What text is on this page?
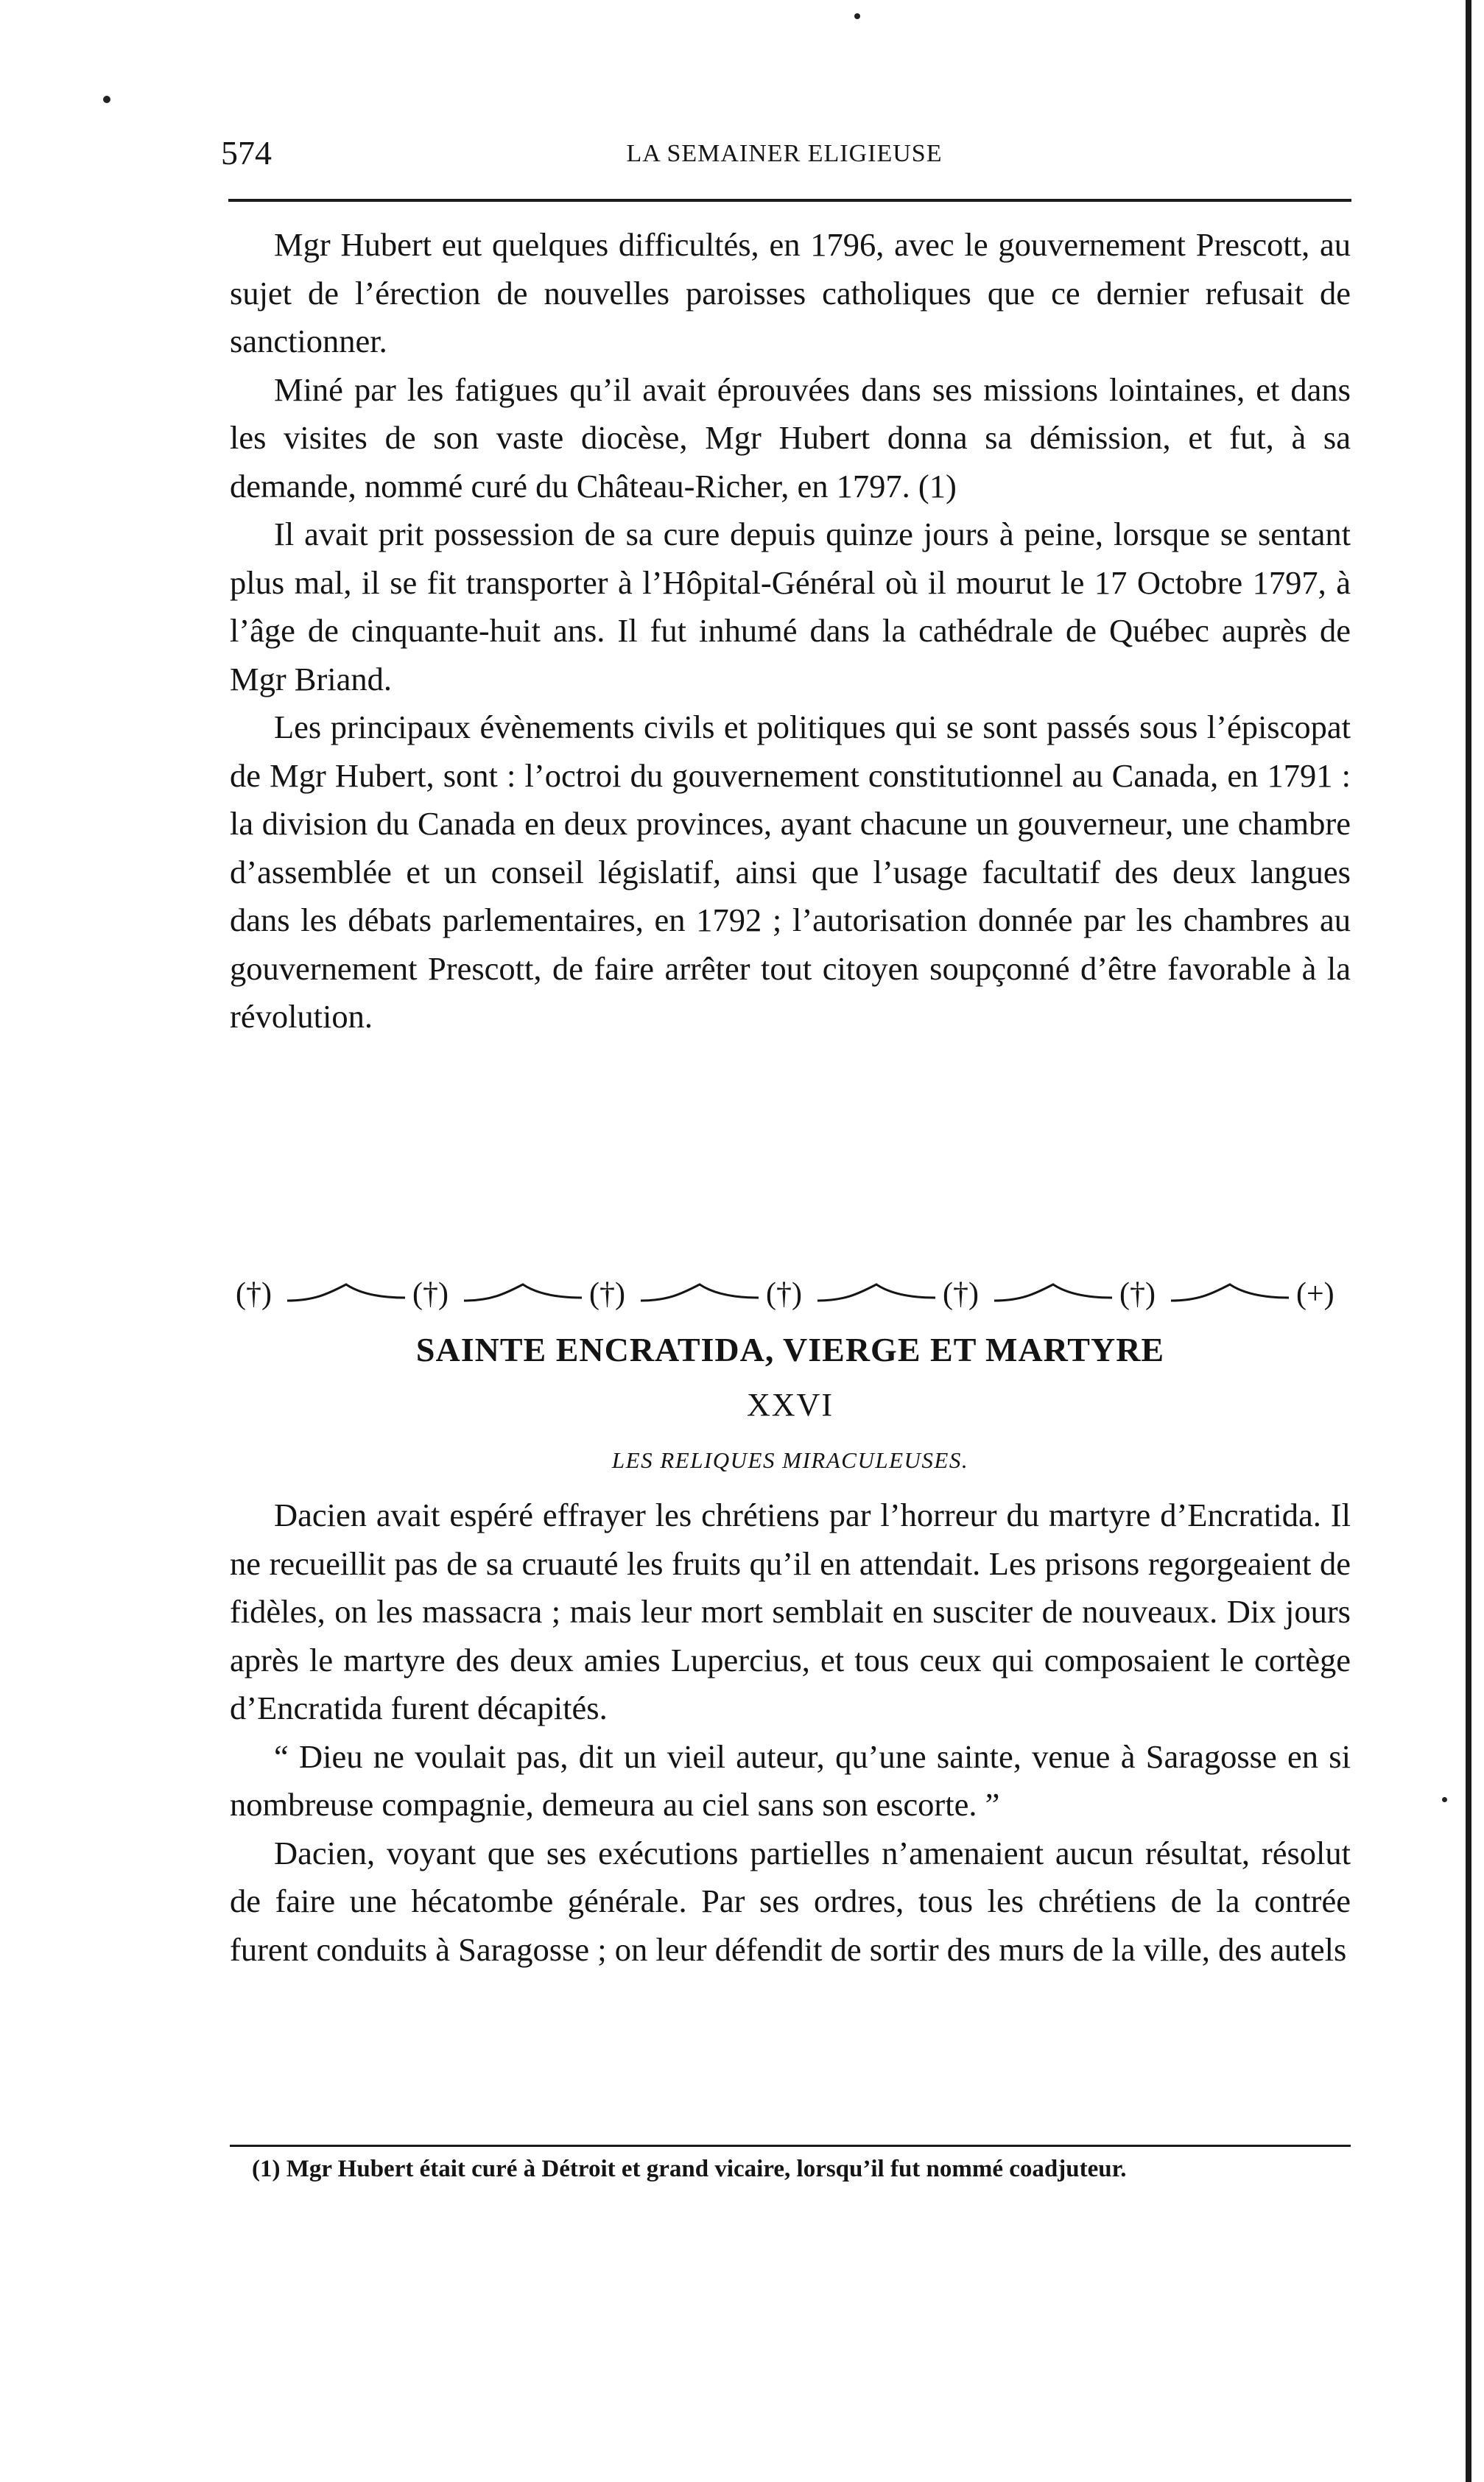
574	LA SEMAINER ELIGIEUSE

Mgr Hubert eut quelques difficultés, en 1796, avec le gouvernement Prescott, au sujet de l’érection de nouvelles paroisses catholiques que ce dernier refusait de sanctionner.

Miné par les fatigues qu’il avait éprouvées dans ses missions lointaines, et dans les visites de son vaste diocèse, Mgr Hubert donna sa démission, et fut, à sa demande, nommé curé du Château-Richer, en 1797. (1)

Il avait prit possession de sa cure depuis quinze jours à peine, lorsque se sentant plus mal, il se fit transporter à l’Hôpital-Général où il mourut le 17 Octobre 1797, à l’âge de cinquante-huit ans. Il fut inhumé dans la cathédrale de Québec auprès de Mgr Briand.

Les principaux évènements civils et politiques qui se sont passés sous l’épiscopat de Mgr Hubert, sont : l’octroi du gouvernement constitutionnel au Canada, en 1791 : la division du Canada en deux provinces, ayant chacune un gouverneur, une chambre d’assemblée et un conseil législatif, ainsi que l’usage facultatif des deux langues dans les débats parlementaires, en 1792 ; l’autorisation donnée par les chambres au gouvernement Prescott, de faire arrêter tout citoyen soupçonné d’être favorable à la révolution.

(†)	(†)	(†)	(†)	(†)	(†)	(+)
SAINTE ENCRATIDA, VIERGE ET MARTYRE
XXVI
LES RELIQUES MIRACULEUSES.

Dacien avait espéré effrayer les chrétiens par l’horreur du martyre d’Encratida. Il ne recueillit pas de sa cruauté les fruits qu’il en attendait. Les prisons regorgeaient de fidèles, on les massacra ; mais leur mort semblait en susciter de nouveaux. Dix jours après le martyre des deux amies Lupercius, et tous ceux qui composaient le cortège d’Encratida furent décapités.

“ Dieu ne voulait pas, dit un vieil auteur, qu’une sainte, venue à Saragosse en si nombreuse compagnie, demeura au ciel sans son escorte. ”

Dacien, voyant que ses exécutions partielles n’amenaient aucun résultat, résolut de faire une hécatombe générale. Par ses ordres, tous les chrétiens de la contrée furent conduits à Saragosse ; on leur défendit de sortir des murs de la ville, des autels

(1) Mgr Hubert était curé à Détroit et grand vicaire, lorsqu’il fut nommé coadjuteur.
